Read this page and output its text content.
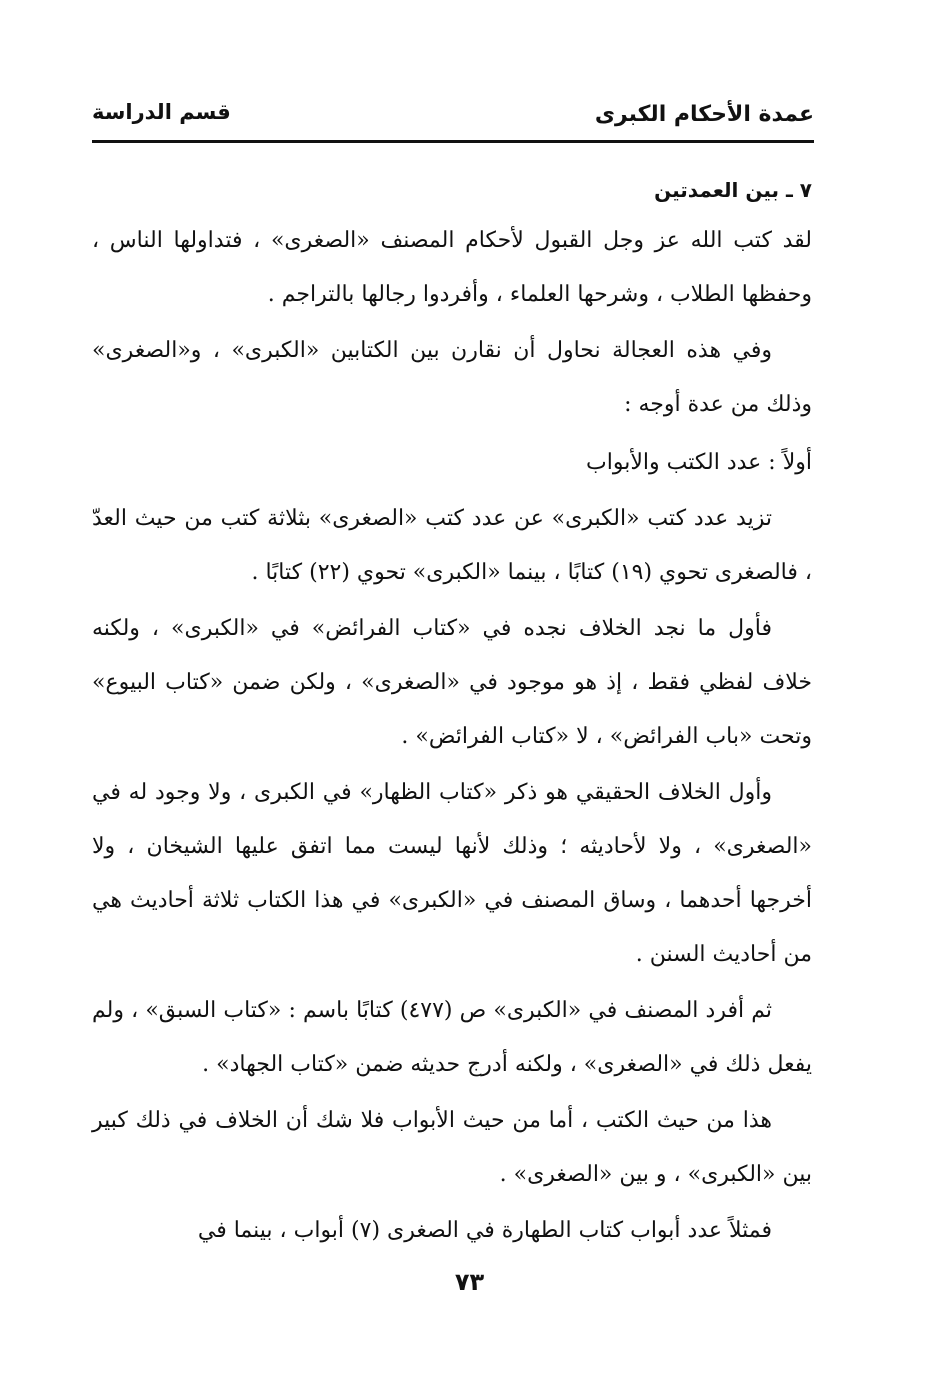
عمدة الأحكام الكبرى
قسم الدراسة

٧ ـ بين العمدتين

لقد كتب الله عز وجل القبول لأحكام المصنف «الصغرى» ، فتداولها الناس ، وحفظها الطلاب ، وشرحها العلماء ، وأفردوا رجالها بالتراجم .

وفي هذه العجالة نحاول أن نقارن بين الكتابين «الكبرى» ، و«الصغرى» وذلك من عدة أوجه :

أولاً : عدد الكتب والأبواب

تزيد عدد كتب «الكبرى» عن عدد كتب «الصغرى» بثلاثة كتب من حيث العدّ ، فالصغرى تحوي (١٩) كتابًا ، بينما «الكبرى» تحوي (٢٢) كتابًا .

فأول ما نجد الخلاف نجده في «كتاب الفرائض» في «الكبرى» ، ولكنه خلاف لفظي فقط ، إذ هو موجود في «الصغرى» ، ولكن ضمن «كتاب البيوع» وتحت «باب الفرائض» ، لا «كتاب الفرائض» .

وأول الخلاف الحقيقي هو ذكر «كتاب الظهار» في الكبرى ، ولا وجود له في «الصغرى» ، ولا لأحاديثه ؛ وذلك لأنها ليست مما اتفق عليها الشيخان ، ولا أخرجها أحدهما ، وساق المصنف في «الكبرى» في هذا الكتاب ثلاثة أحاديث هي من أحاديث السنن .

ثم أفرد المصنف في «الكبرى» ص (٤٧٧) كتابًا باسم : «كتاب السبق» ، ولم يفعل ذلك في «الصغرى» ، ولكنه أدرج حديثه ضمن «كتاب الجهاد» .

هذا من حيث الكتب ، أما من حيث الأبواب فلا شك أن الخلاف في ذلك كبير بين «الكبرى» ، و بين «الصغرى» .

فمثلاً عدد أبواب كتاب الطهارة في الصغرى (٧) أبواب ، بينما في

٧٣
